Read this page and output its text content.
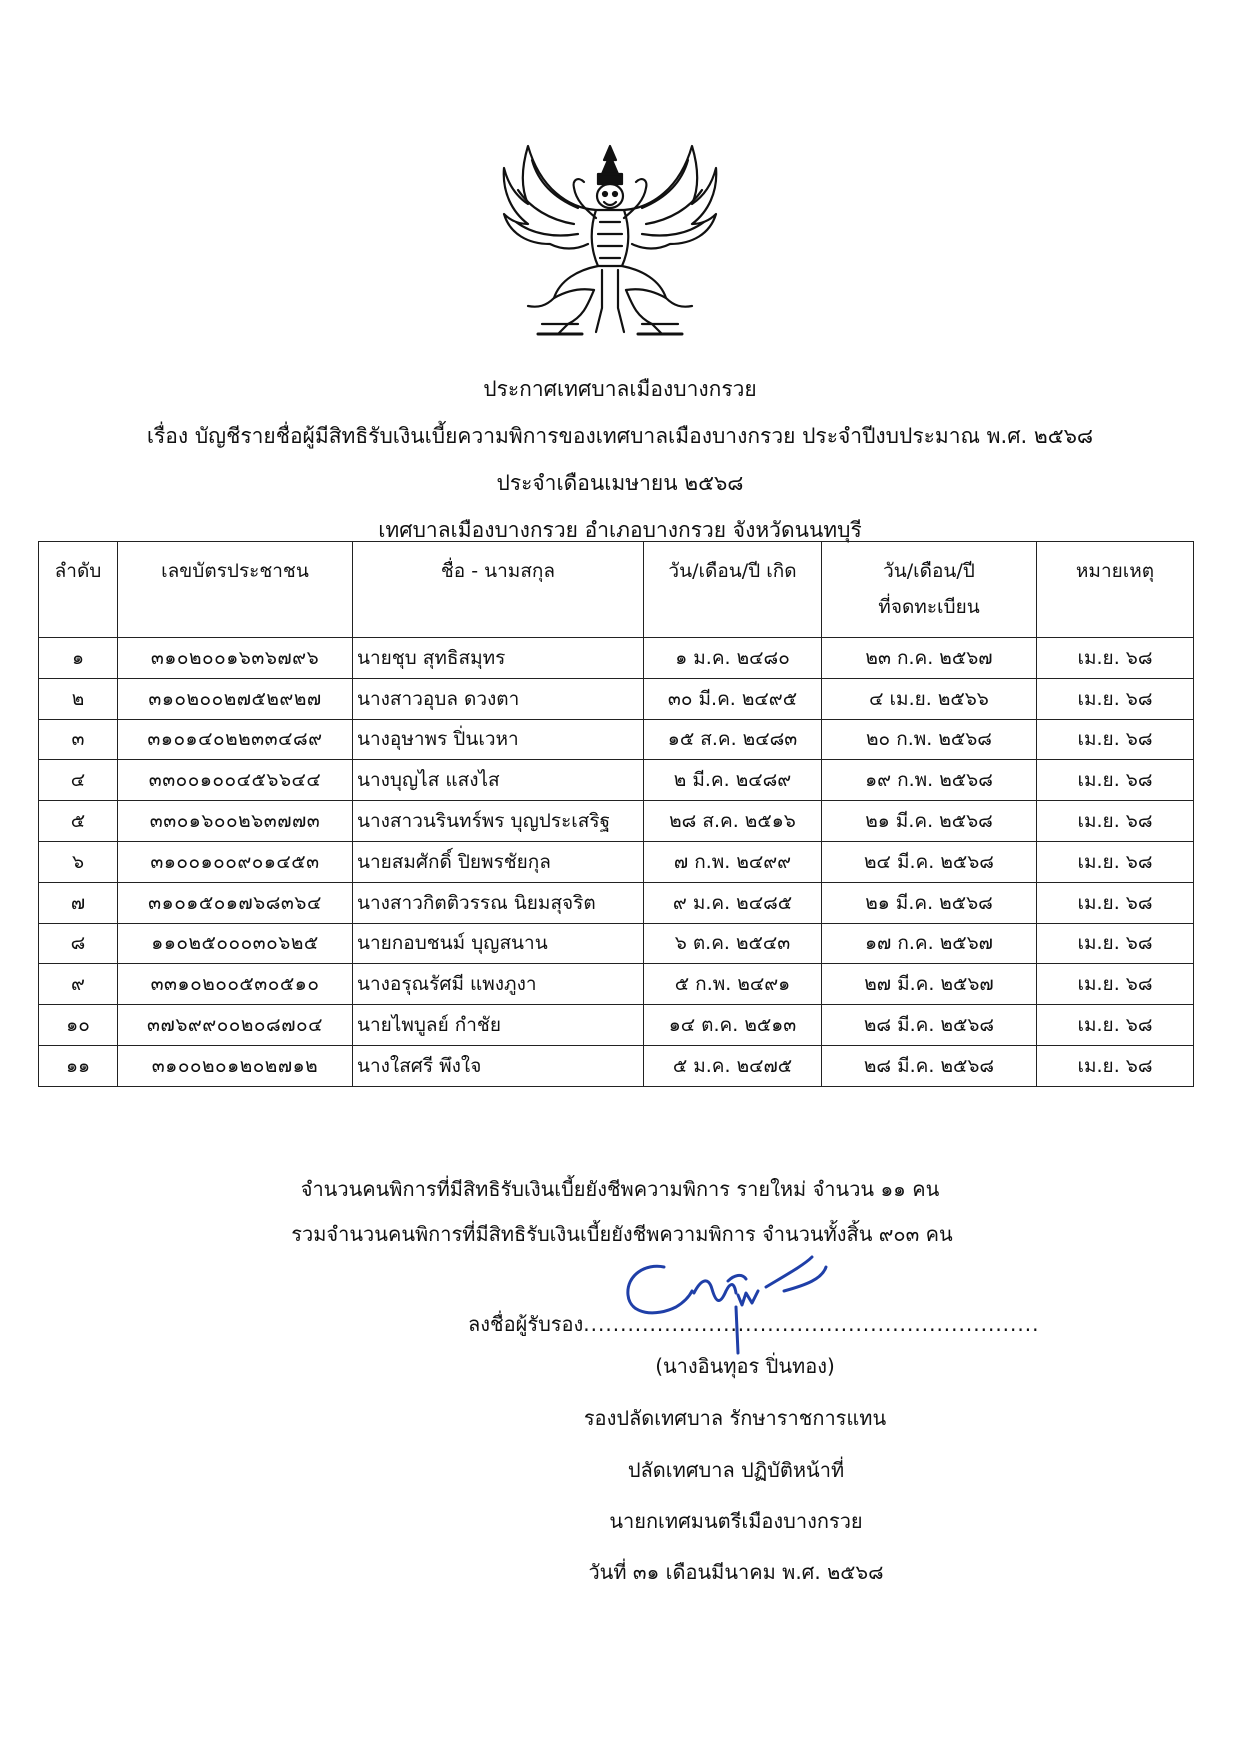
ประกาศเทศบาลเมืองบางกรวย
เรื่อง บัญชีรายชื่อผู้มีสิทธิรับเงินเบี้ยความพิการของเทศบาลเมืองบางกรวย ประจำปีงบประมาณ พ.ศ. ๒๕๖๘
ประจำเดือนเมษายน ๒๕๖๘
เทศบาลเมืองบางกรวย อำเภอบางกรวย จังหวัดนนทบุรี
ลำดับ	เลขบัตรประชาชน	ชื่อ - นามสกุล	วัน/เดือน/ปี เกิด	วัน/เดือน/ปี
ที่จดทะเบียน	หมายเหตุ
๑	๓๑๐๒๐๐๑๖๓๖๗๙๖	นายชุบ สุทธิสมุทร	๑ ม.ค. ๒๔๘๐	๒๓ ก.ค. ๒๕๖๗	เม.ย. ๖๘
๒	๓๑๐๒๐๐๒๗๕๒๙๒๗	นางสาวอุบล ดวงตา	๓๐ มี.ค. ๒๔๙๕	๔ เม.ย. ๒๕๖๖	เม.ย. ๖๘
๓	๓๑๐๑๔๐๒๒๓๓๔๘๙	นางอุษาพร ปิ่นเวหา	๑๕ ส.ค. ๒๔๘๓	๒๐ ก.พ. ๒๕๖๘	เม.ย. ๖๘
๔	๓๓๐๐๑๐๐๔๕๖๖๔๔	นางบุญไส แสงไส	๒ มี.ค. ๒๔๘๙	๑๙ ก.พ. ๒๕๖๘	เม.ย. ๖๘
๕	๓๓๐๑๖๐๐๒๖๓๗๗๓	นางสาวนรินทร์พร บุญประเสริฐ	๒๘ ส.ค. ๒๕๑๖	๒๑ มี.ค. ๒๕๖๘	เม.ย. ๖๘
๖	๓๑๐๐๑๐๐๙๐๑๔๕๓	นายสมศักดิ์ ปิยพรชัยกุล	๗ ก.พ. ๒๔๙๙	๒๔ มี.ค. ๒๕๖๘	เม.ย. ๖๘
๗	๓๑๐๑๕๐๑๗๖๘๓๖๔	นางสาวกิตติวรรณ นิยมสุจริต	๙ ม.ค. ๒๔๘๕	๒๑ มี.ค. ๒๕๖๘	เม.ย. ๖๘
๘	๑๑๐๒๕๐๐๐๓๐๖๒๕	นายกอบชนม์ บุญสนาน	๖ ต.ค. ๒๕๔๓	๑๗ ก.ค. ๒๕๖๗	เม.ย. ๖๘
๙	๓๓๑๐๒๐๐๕๓๐๕๑๐	นางอรุณรัศมี แพงภูงา	๕ ก.พ. ๒๔๙๑	๒๗ มี.ค. ๒๕๖๗	เม.ย. ๖๘
๑๐	๓๗๖๙๙๐๐๒๐๘๗๐๔	นายไพบูลย์ กำชัย	๑๔ ต.ค. ๒๕๑๓	๒๘ มี.ค. ๒๕๖๘	เม.ย. ๖๘
๑๑	๓๑๐๐๒๐๑๒๐๒๗๑๒	นางใสศรี พึงใจ	๕ ม.ค. ๒๔๗๕	๒๘ มี.ค. ๒๕๖๘	เม.ย. ๖๘
จำนวนคนพิการที่มีสิทธิรับเงินเบี้ยยังชีพความพิการ รายใหม่ จำนวน ๑๑ คน
รวมจำนวนคนพิการที่มีสิทธิรับเงินเบี้ยยังชีพความพิการ จำนวนทั้งสิ้น ๙๐๓ คน
ลงชื่อผู้รับรอง..............................................................
(นางอินทุอร ปิ่นทอง)
รองปลัดเทศบาล รักษาราชการแทน
ปลัดเทศบาล ปฏิบัติหน้าที่
นายกเทศมนตรีเมืองบางกรวย
วันที่ ๓๑ เดือนมีนาคม พ.ศ. ๒๕๖๘
